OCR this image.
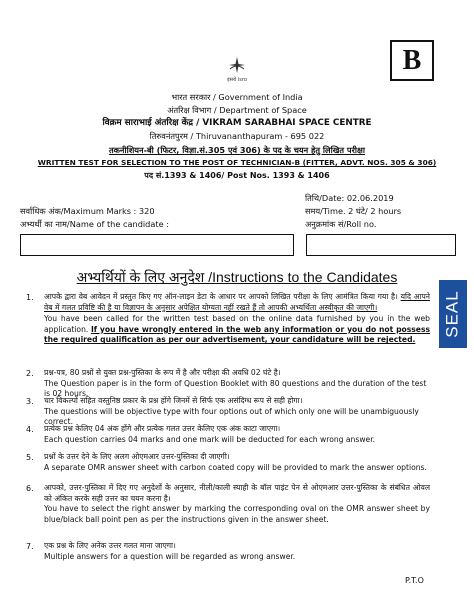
B
इसरो isro
भारत सरकार / Government of India
अंतरिक्ष विभाग / Department of Space
विक्रम साराभाई अंतरिक्ष केंद्र / VIKRAM SARABHAI SPACE CENTRE
तिरुवनंतपुरम / Thiruvananthapuram - 695 022
तकनीशियन-बी (फिटर, विज्ञा.सं.305 एवं 306) के पद के चयन हेतु लिखित परीक्षा
WRITTEN TEST FOR SELECTION TO THE POST OF TECHNICIAN-B (FITTER, ADVT. NOS. 305 & 306)
पद सं.1393 & 1406/ Post Nos. 1393 & 1406
तिथि/Date: 02.06.2019
सर्वाधिक अंक/Maximum Marks : 320	समय/Time. 2 घंटे/ 2 hours
अभ्यर्थी का नाम/Name of the candidate :	अनुक्रमांक सं/Roll no.
अभ्यर्थियों के लिए अनुदेश /Instructions to the Candidates
1.	आपके द्वारा वेब आवेदन में प्रस्तुत किए गए ऑन-लाइन डेटा के आधार पर आपको लिखित परीक्षा के लिए आमंत्रित किया गया है। यदि आपने वेब में गलत प्रविष्टि की है या विज्ञापन के अनुसार अपेक्षित योग्यता नहीं रखते हैं तो आपकी अभ्यर्थिता अस्वीकृत की जाएगी।

You have been called for the written test based on the online data furnished by you in the web application. If you have wrongly entered in the web any information or you do not possess the required qualification as per our advertisement, your candidature will be rejected.

2.	प्रश्न-पत्र, 80 प्रश्नों से युक्त प्रश्न-पुस्तिका के रूप में है और परीक्षा की अवधि 02 घंटे है।

The Question paper is in the form of Question Booklet with 80 questions and the duration of the test is 02 hours.

3.	चार विकल्पों सहित वस्तुनिष्ठ प्रकार के प्रश्न होंगे जिनमें से सिर्फ एक असंदिग्ध रूप से सही होगा।

The questions will be objective type with four options out of which only one will be unambiguously correct.

4.	प्रत्येक प्रश्न केलिए 04 अंक होंगे और प्रत्येक गलत उत्तर केलिए एक अंक काटा जाएगा।

Each question carries 04 marks and one mark will be deducted for each wrong answer.

5.	प्रश्नों के उत्तर देने के लिए अलग ओएमआर उत्तर-पुस्तिका दी जाएगी।

A separate OMR answer sheet with carbon coated copy will be provided to mark the answer options.

6.	आपको, उत्तर-पुस्तिका में दिए गए अनुदेशों के अनुसार, नीली/काली स्याही के बॉल पाइंट पेन से ओएमआर उत्तर-पुस्तिका के संबंधित ओवल को अंकित करके सही उत्तर का चयन करना है।

You have to select the right answer by marking the corresponding oval on the OMR answer sheet by blue/black ball point pen as per the instructions given in the answer sheet.

7.	एक प्रश्न के लिए अनेक उत्तर गलत माना जाएगा।

Multiple answers for a question will be regarded as wrong answer.

SEAL
P.T.O
